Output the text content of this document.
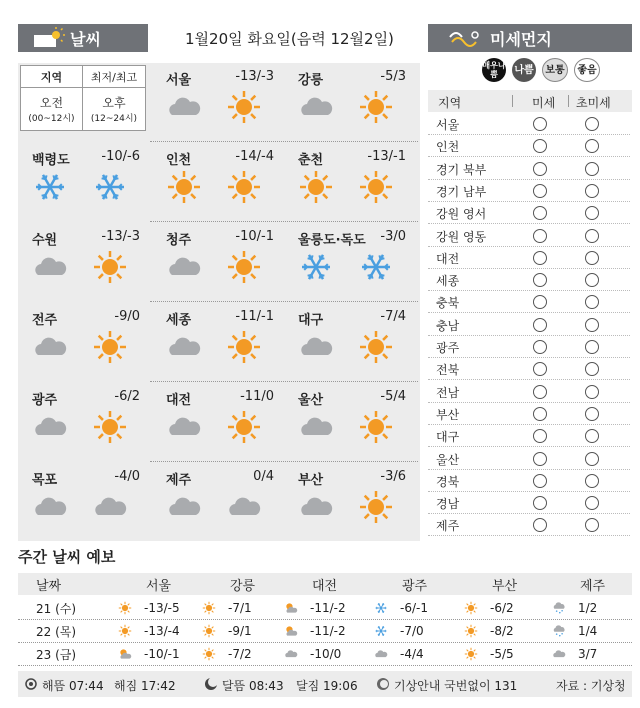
날씨	1월20일 화요일(음력 12월2일)	미세먼지
지역	최저/최고
오전
(00~12시)
오후
(12~24시)
서울	-13/-3 강릉	-5/3
백령도 -10/-6 인천	-14/-4 춘천	-13/-1
수원	-13/-3 청주	-10/-1 울릉도·독도 -3/0
전주	-9/0 세종	-11/-1 대구	-7/4
광주	-6/2 대전	-11/0 울산	-5/4
목포	-4/0 제주	0/4 부산	-3/6
매우나쁨	나쁨	보통	좋음
지역	미세 초미세
서울
인천
경기 북부
경기 남부
강원 영서
강원 영동
대전
세종
충북
충남
광주
전북
전남
부산
대구
울산
경북
경남
제주
주간 날씨 예보
날짜	서울	강릉	대전	광주	부산	제주
21 (수)	-13/-5	-7/1	-11/-2	-6/-1	-6/2	1/2
22 (목)	-13/-4	-9/1	-11/-2	-7/0	-8/2	1/4
23 (금)	-10/-1	-7/2	-10/0	-4/4	-5/5	3/7
해뜸 07:44 해짐 17:42	달뜸 08:43 달짐 19:06	기상안내 국번없이 131	자료 : 기상청
